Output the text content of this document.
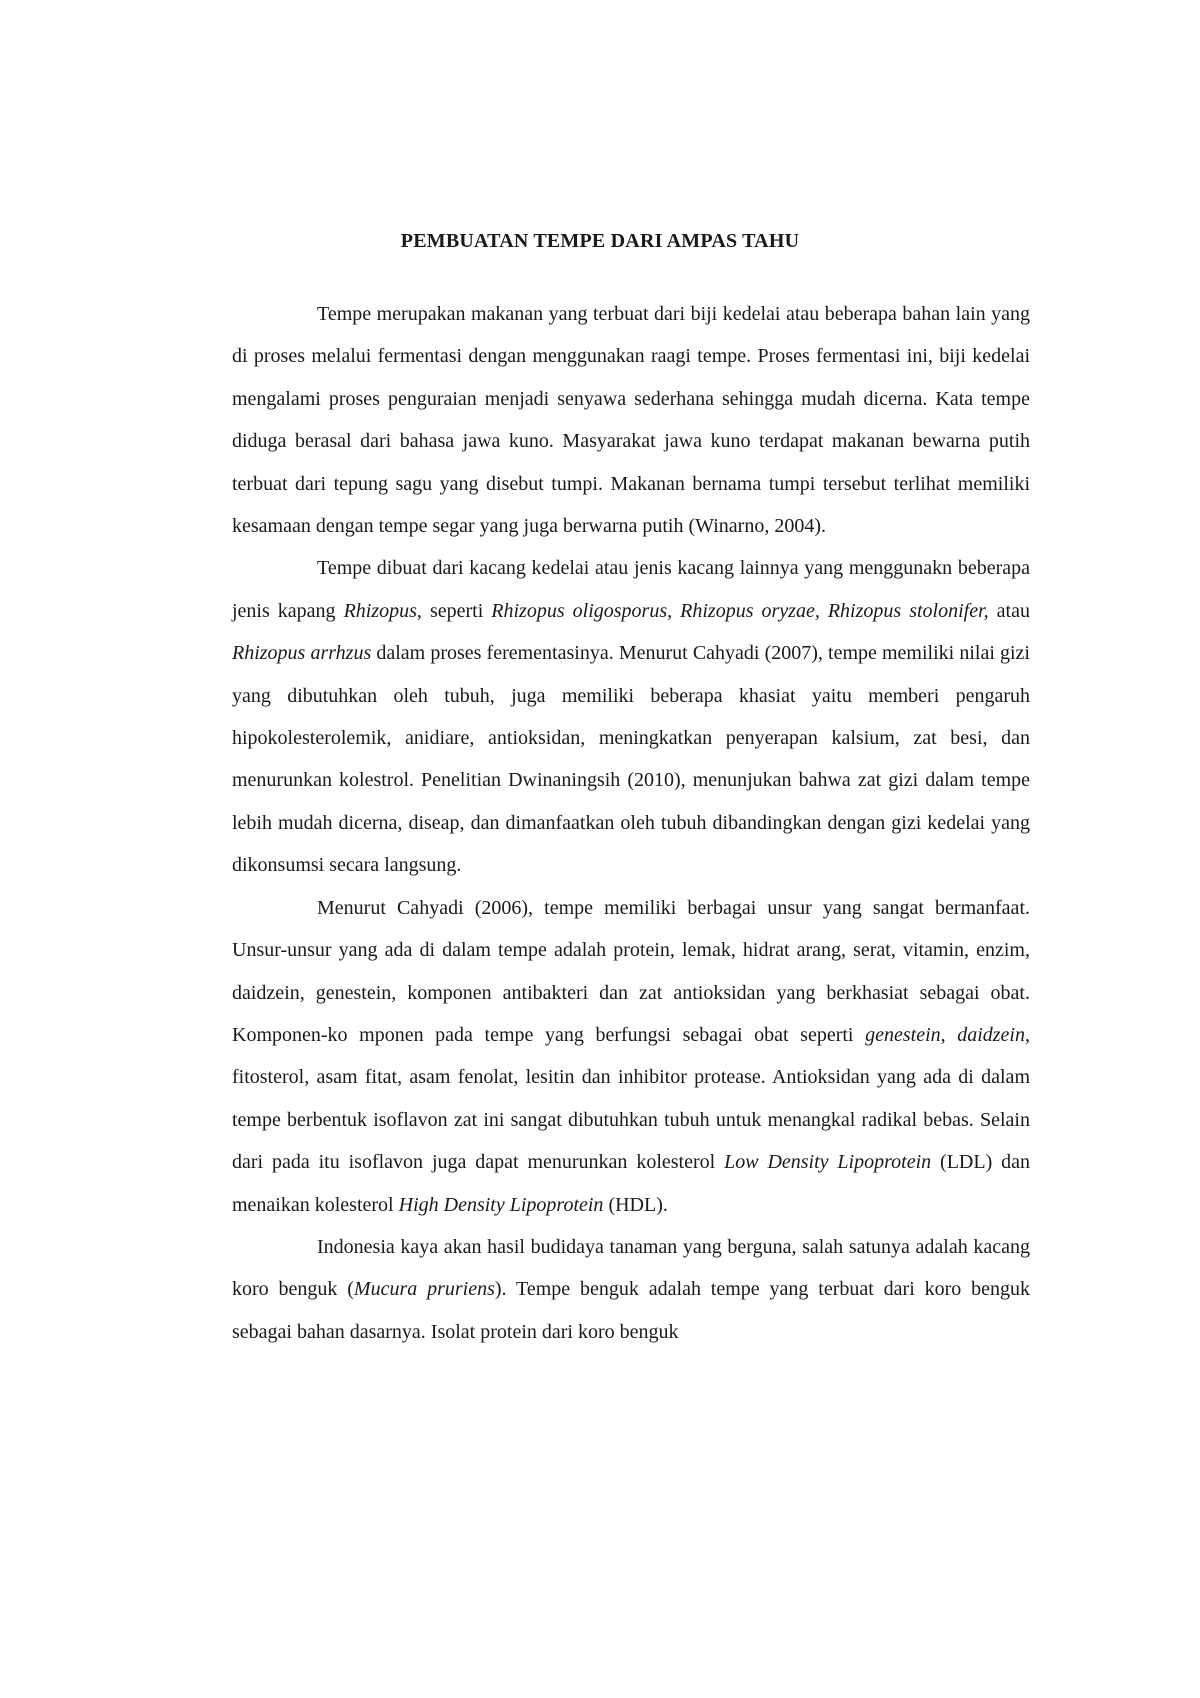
PEMBUATAN TEMPE DARI AMPAS TAHU

Tempe merupakan makanan yang terbuat dari biji kedelai atau beberapa bahan lain yang di proses melalui fermentasi dengan menggunakan raagi tempe. Proses fermentasi ini, biji kedelai mengalami proses penguraian menjadi senyawa sederhana sehingga mudah dicerna. Kata tempe diduga berasal dari bahasa jawa kuno. Masyarakat jawa kuno terdapat makanan bewarna putih terbuat dari tepung sagu yang disebut tumpi. Makanan bernama tumpi tersebut terlihat memiliki kesamaan dengan tempe segar yang juga berwarna putih (Winarno, 2004).

Tempe dibuat dari kacang kedelai atau jenis kacang lainnya yang menggunakn beberapa jenis kapang Rhizopus, seperti Rhizopus oligosporus, Rhizopus oryzae, Rhizopus stolonifer, atau Rhizopus arrhzus dalam proses ferementasinya. Menurut Cahyadi (2007), tempe memiliki nilai gizi yang dibutuhkan oleh tubuh, juga memiliki beberapa khasiat yaitu memberi pengaruh hipokolesterolemik, anidiare, antioksidan, meningkatkan penyerapan kalsium, zat besi, dan menurunkan kolestrol. Penelitian Dwinaningsih (2010), menunjukan bahwa zat gizi dalam tempe lebih mudah dicerna, diseap, dan dimanfaatkan oleh tubuh dibandingkan dengan gizi kedelai yang dikonsumsi secara langsung.

Menurut Cahyadi (2006), tempe memiliki berbagai unsur yang sangat bermanfaat. Unsur-unsur yang ada di dalam tempe adalah protein, lemak, hidrat arang, serat, vitamin, enzim, daidzein, genestein, komponen antibakteri dan zat antioksidan yang berkhasiat sebagai obat. Komponen-ko mponen pada tempe yang berfungsi sebagai obat seperti genestein, daidzein, fitosterol, asam fitat, asam fenolat, lesitin dan inhibitor protease. Antioksidan yang ada di dalam tempe berbentuk isoflavon zat ini sangat dibutuhkan tubuh untuk menangkal radikal bebas. Selain dari pada itu isoflavon juga dapat menurunkan kolesterol Low Density Lipoprotein (LDL) dan menaikan kolesterol High Density Lipoprotein (HDL).

Indonesia kaya akan hasil budidaya tanaman yang berguna, salah satunya adalah kacang koro benguk (Mucura pruriens). Tempe benguk adalah tempe yang terbuat dari koro benguk sebagai bahan dasarnya. Isolat protein dari koro benguk
